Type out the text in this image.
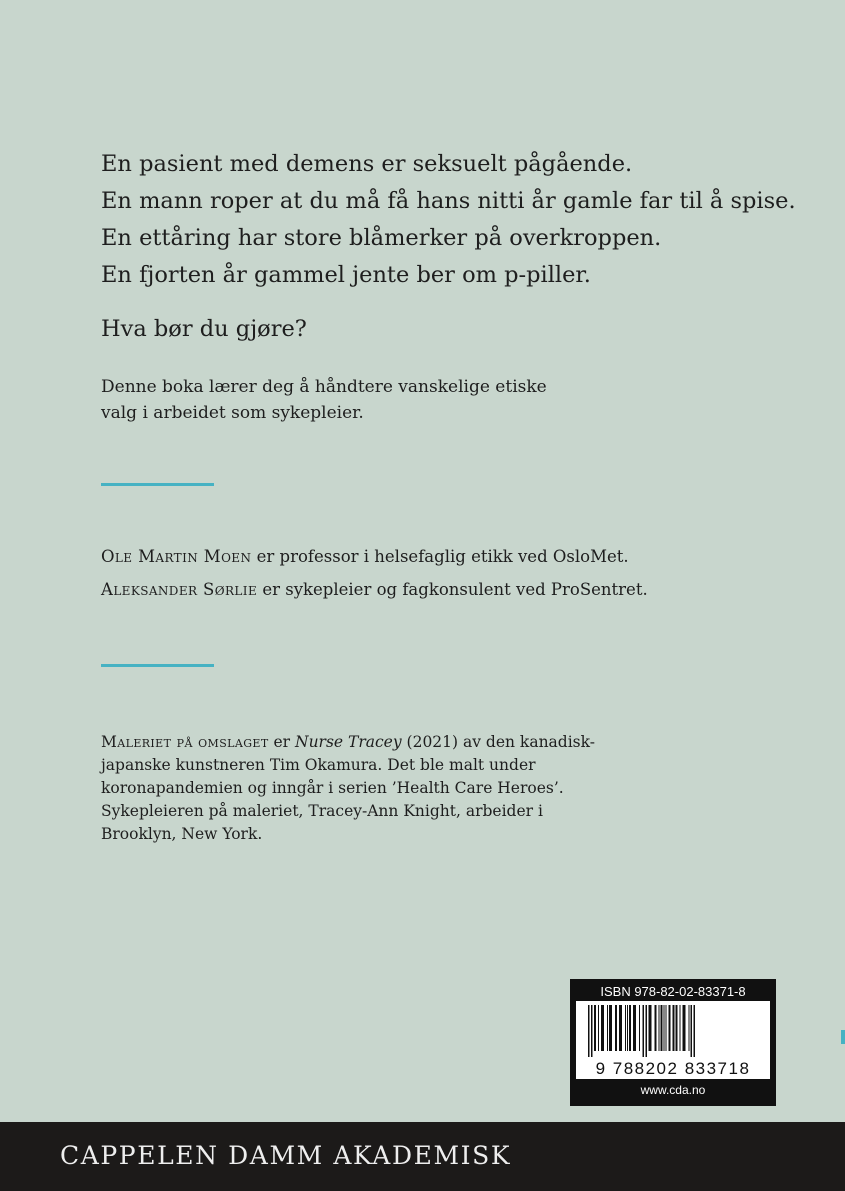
En pasient med demens er seksuelt pågående.

En mann roper at du må få hans nitti år gamle far til å spise.

En ettåring har store blåmerker på overkroppen.

En fjorten år gammel jente ber om p-piller.

Hva bør du gjøre?

Denne boka lærer deg å håndtere vanskelige etiske valg i arbeidet som sykepleier.

Ole Martin Moen er professor i helsefaglig etikk ved OsloMet.

Aleksander Sørlie er sykepleier og fagkonsulent ved ProSentret.

Maleriet på omslaget er Nurse Tracey (2021) av den kanadisk-japanske kunstneren Tim Okamura. Det ble malt under koronapandemien og inngår i serien ’Health Care Heroes’. Sykepleieren på maleriet, Tracey-Ann Knight, arbeider i Brooklyn, New York.

ISBN 978-82-02-83371-8
9 788202 833718
www.cda.no
CAPPELEN DAMM AKADEMISK
